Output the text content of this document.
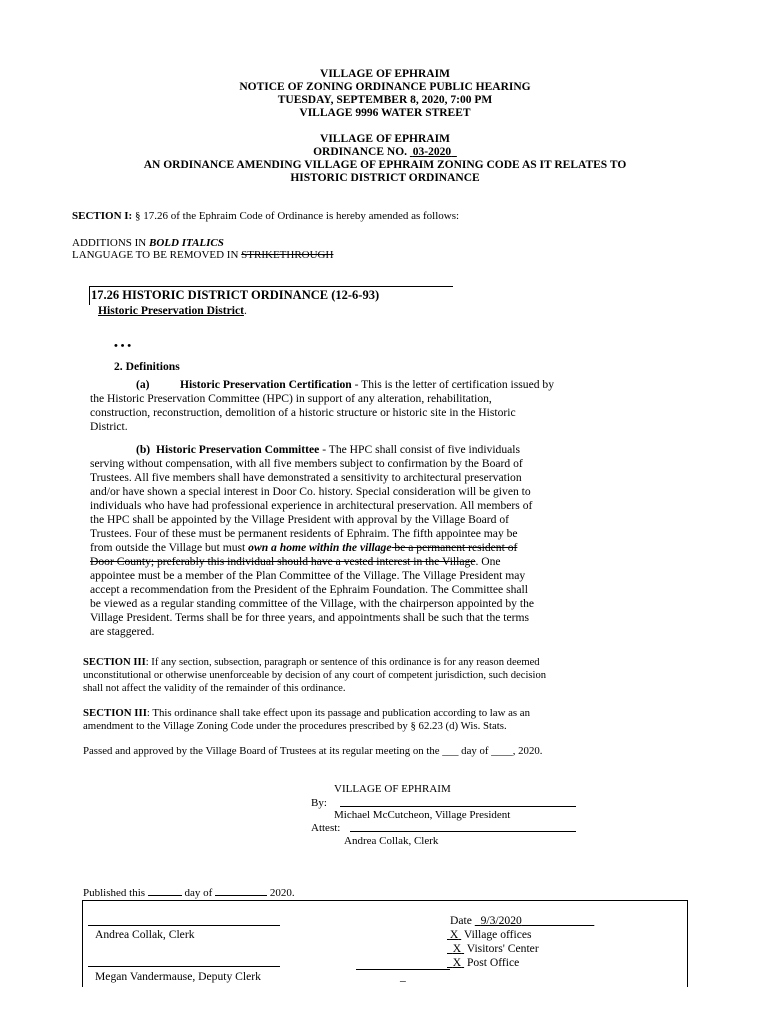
VILLAGE OF EPHRAIM
NOTICE OF ZONING ORDINANCE PUBLIC HEARING
TUESDAY, SEPTEMBER 8, 2020, 7:00 PM
VILLAGE 9996 WATER STREET
VILLAGE OF EPHRAIM
ORDINANCE NO. 03-2020
AN ORDINANCE AMENDING VILLAGE OF EPHRAIM ZONING CODE AS IT RELATES TO
HISTORIC DISTRICT ORDINANCE
SECTION I: § 17.26 of the Ephraim Code of Ordinance is hereby amended as follows:
ADDITIONS IN BOLD ITALICS
LANGUAGE TO BE REMOVED IN STRIKETHROUGH
17.26 HISTORIC DISTRICT ORDINANCE (12-6-93)
Historic Preservation District.
• • •
2. Definitions
(a)	Historic Preservation Certification - This is the letter of certification issued by
the Historic Preservation Committee (HPC) in support of any alteration, rehabilitation,
construction, reconstruction, demolition of a historic structure or historic site in the Historic
District.
(b) Historic Preservation Committee - The HPC shall consist of five individuals
serving without compensation, with all five members subject to confirmation by the Board of
Trustees. All five members shall have demonstrated a sensitivity to architectural preservation
and/or have shown a special interest in Door Co. history. Special consideration will be given to
individuals who have had professional experience in architectural preservation. All members of
the HPC shall be appointed by the Village President with approval by the Village Board of
Trustees. Four of these must be permanent residents of Ephraim. The fifth appointee may be
from outside the Village but must own a home within the village be a permanent resident of
Door County; preferably this individual should have a vested interest in the Village. One
appointee must be a member of the Plan Committee of the Village. The Village President may
accept a recommendation from the President of the Ephraim Foundation. The Committee shall
be viewed as a regular standing committee of the Village, with the chairperson appointed by the
Village President. Terms shall be for three years, and appointments shall be such that the terms
are staggered.
SECTION III: If any section, subsection, paragraph or sentence of this ordinance is for any reason deemed
unconstitutional or otherwise unenforceable by decision of any court of competent jurisdiction, such decision
shall not affect the validity of the remainder of this ordinance.
SECTION III: This ordinance shall take effect upon its passage and publication according to law as an
amendment to the Village Zoning Code under the procedures prescribed by § 62.23 (d) Wis. Stats.
Passed and approved by the Village Board of Trustees at its regular meeting on the ___ day of ____, 2020.
VILLAGE OF EPHRAIM
By:
Michael McCutcheon, Village President
Attest:
Andrea Collak, Clerk
Published this	day of	2020.
Andrea Collak, Clerk
Megan Vandermause, Deputy Clerk
Date 9/3/2020
X Village offices
X Visitors' Center
X Post Office
_
